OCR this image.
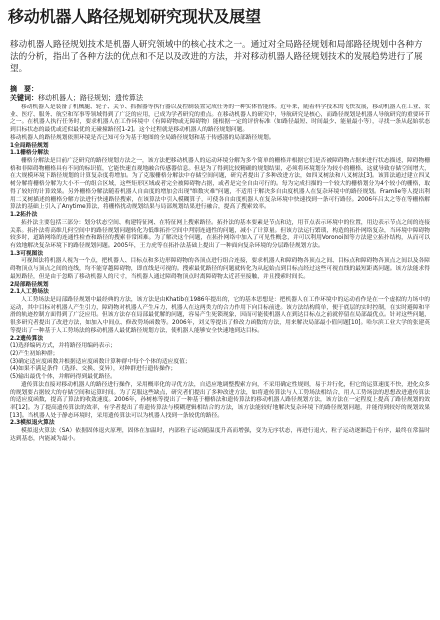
移动机器人路径规划研究现状及展望

移动机器人路径规划技术是机器人研究领域中的核心技术之一。通过对全局路径规划和局部路径规划中各种方法的分析，指出了各种方法的优点和不足以及改进的方法，并对移动机器人路径规划技术的发展趋势进行了展望。

摘　要：
关键词：移动机器人；路径规划；遗传算法

移动机器人是装备了机械腿、轮子、关节、抓握器等执行器以及控制装置完成任务的一种实体智能体。近年来，随着科学技术的飞快发展，移动机器人在工业、农业、医疗、服务、航空和军事等领域得到了广泛的应用，已成为学者研究的重点。在移动机器人的研究中，导航研究是核心，而路径规划是机器人导航研究的重要环节之一。在机器人执行任务时，要求机器人在工作环境中（有障碍物或无障碍物）能根据一定的评价标准（如路径最短、时间最少、能量最小等），寻找一条从起始状态到目标状态的最优或近似最优的无碰撞路径[1-2]。这个过程就是移动机器人的路径规划问题。

移动机器人的路径规划依照环境是否已知可分为基于地图的全局路径规划和基于传感器的局部路径规划。

1全局路径规划

1.1栅格分解法

栅格分解法是目前广泛研究的路径规划方法之一，该方法把移动机器人的运动环境分解为多个简单的栅格并根据它们是否被障碍物占据来进行状态描述，障碍物栅格和非障碍物栅格具有不同的标识值，它能快速直观地融合传感器信息。但是为了得到比较精确的规划结果，必须将环境划分为较小的栅格，这就导致存储空间增大，在大规模环境下路径规划的计算复杂度将增加。为了克服栅格分解法中存储空间问题，研究者提出了多种改进方法，如四叉树法和八叉树法[3]。该算法通过建立四叉树分解将栅格分解为大小不一的组合区域，这些矩形区域或者完全被障碍物占据，或者是完全自由可行的。每为完成扫描的一个较大的栅格划分为4个较小的栅格，取得了较好的计算效果。另外栅格分解法随着机器人自由度的增加会出现"维数灾难"问题，不适用于解决多自由度机器人在复杂环境中的路径规划。Framlie等人提出利用二叉树描述的栅格分解方法进行快速路径搜索，在该算法中引入模糊算子，可使各自由度机器人在复杂环境中快速找到一条可行路径。2006年吕太之等在等栅格解算法的基础上引入了Anytime算法，将栅格扰动规划结果与局部规划结果进行融合，提高了搜索效率。

1.2拓扑法

拓扑法主要包括三部分：划分状态空间、构建特征网、在特征网上搜索路径。拓扑法的基本要素是节点和边，用节点表示环境中的位置，用边表示节点之间的连接关系。拓扑法将高维几何空间中的路径规划问题转化为低维拓扑空间中判别连通性的问题，减小了计算量。但该方法运行繁琐，构造的拓扑网络复杂，当环境中障碍物较多时，道路网络的连通性检查和路径的搜索非常困难。为了解决这个问题，在拓扑网络中加入了可见性概念，并可以利用Voronoi图等方法建立拓扑结构，从而可以有效地解决复杂环境下的路径规划问题。2005年，王力虎等在拓扑法基础上提出了一种面向复杂环境的分层路径规划方法。

1.3可视图法

可视图法将机器人视为一个点，把机器人、目标点和多边形障碍物的各顶点进行组合连接，要求机器人和障碍物各顶点之间、目标点和障碍物各顶点之间以及各障碍物顶点与顶点之间的连线，均不能穿越障碍物，即直线是可视的。搜索最优路径的问题就转化为从起始点到目标点经过这些可视直线的最短距离问题。该方法能求得最短路径，但是由于忽略了移动机器人的尺寸，当机器人通过障碍物顶点时离障碍物太近甚至接触，并且搜索时间长。

2局部路径规划

2.1人工势场法

人工势场法是局部路径规划中最经典的方法，该方法是由Khatib在1986年提出的，它的基本思想是：把机器人在工作环境中的运动看作是在一个虚拟的力场中的运动，其中目标对机器人产生引力，障碍物对机器人产生斥力，机器人在这两类力的合力作用下向目标前进。该方法结构简单，便于底层的实时控制，在实时避障和平滑的轨迹控制方面得到了广泛应用。但该方法存在局部最优解的问题，容易产生死锁现象，因而可能使机器人在到达目标点之前就停留在局部最优点。针对这些问题，很多研究者提出了改进方法，如加入中间点、修改势场函数等。2006年，刘义等提出了修改力函数的方法，用来解决局部最小值问题[10]。哈尔滨工业大学的张建英等提出了一种基于人工势场法的移动机器人最优路径规划方法，使机器人能够安全快速地到达目标。

2.2遗传算法

(1)选择编码方式，并将路径用编码表示；

(2)产生初始种群；

(3)确定适应度函数并根据适应度函数计算种群中每个个体的适应度值；

(4)如果不满足条件（选择、交换、变异），对种群进行遗传操作；

(5)输出最优个体，并解码得到最优路径。

遗传算法直接对移动机器人的路径进行操作，采用概率化的寻优方法，自适应地调整搜索方向，不采用确定性规则，易于并行化，但它的运算速度不快，进化众多的规划要占据较大的存储空间和运算时间。为了克服这些缺点，研究者们提出了多种改进方法，如将遗传算法与人工势场法相结合，用人工势场法的思想改进遗传算法的适应度函数，提高了算法的收敛速度。2006年，孙树栋等提出了一种基于栅格法和遗传算法的移动机器人路径规划方法，该方法在一定程度上提高了路径规划的效率[12]。为了提高遗传算法的效率，有学者提出了将遗传算法与模糊逻辑相结合的方法，该方法能较好地解决复杂环境下的路径规划问题，并能得到较好的规划效果[13]。当机器人处于静态环境时，采用遗传算法可以为机器人找到一条较优的路径。

2.3模拟退火算法

模拟退火算法（SA）依据固体退火原理，固体在加温时，内部粒子运动随温度升高而增强，变为无序状态，再进行退火，粒子运动逐渐趋于有序，最终在常温时达到基态，内能减为最小。
